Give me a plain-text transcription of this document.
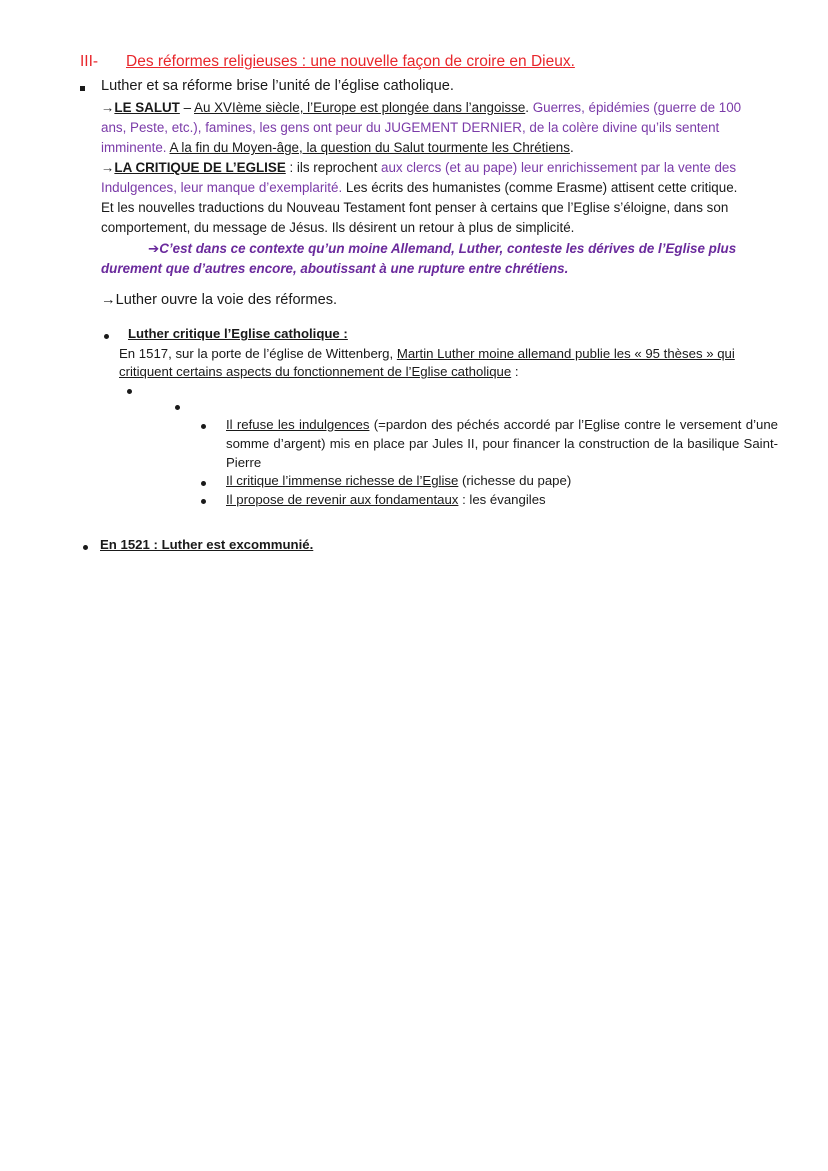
III- Des réformes religieuses : une nouvelle façon de croire en Dieux.
Luther et sa réforme brise l’unité de l’église catholique.
→LE SALUT – Au XVIème siècle, l’Europe est plongée dans l’angoisse. Guerres, épidémies (guerre de 100
ans, Peste, etc.), famines, les gens ont peur du JUGEMENT DERNIER, de la colère divine qu’ils sentent
imminente. A la fin du Moyen-âge, la question du Salut tourmente les Chrétiens.
→LA CRITIQUE DE L’EGLISE : ils reprochent aux clercs (et au pape) leur enrichissement par la vente des
Indulgences, leur manque d’exemplarité. Les écrits des humanistes (comme Erasme) attisent cette critique.
Et les nouvelles traductions du Nouveau Testament font penser à certains que l’Eglise s’éloigne, dans son
comportement, du message de Jésus. Ils désirent un retour à plus de simplicité.
➔C’est dans ce contexte qu’un moine Allemand, Luther, conteste les dérives de l’Eglise plus
durement que d’autres encore, aboutissant à une rupture entre chrétiens.
→Luther ouvre la voie des réformes.
Luther critique l’Eglise catholique :
En 1517, sur la porte de l’église de Wittenberg, Martin Luther moine allemand publie les « 95 thèses » qui
critiquent certains aspects du fonctionnement de l’Eglise catholique :
Il refuse les indulgences (=pardon des péchés accordé par l’Eglise contre le versement d’une somme d’argent) mis en place par Jules II, pour financer la construction de la basilique Saint-Pierre
Il critique l’immense richesse de l’Eglise (richesse du pape)
Il propose de revenir aux fondamentaux : les évangiles
En 1521 : Luther est excommunié.
